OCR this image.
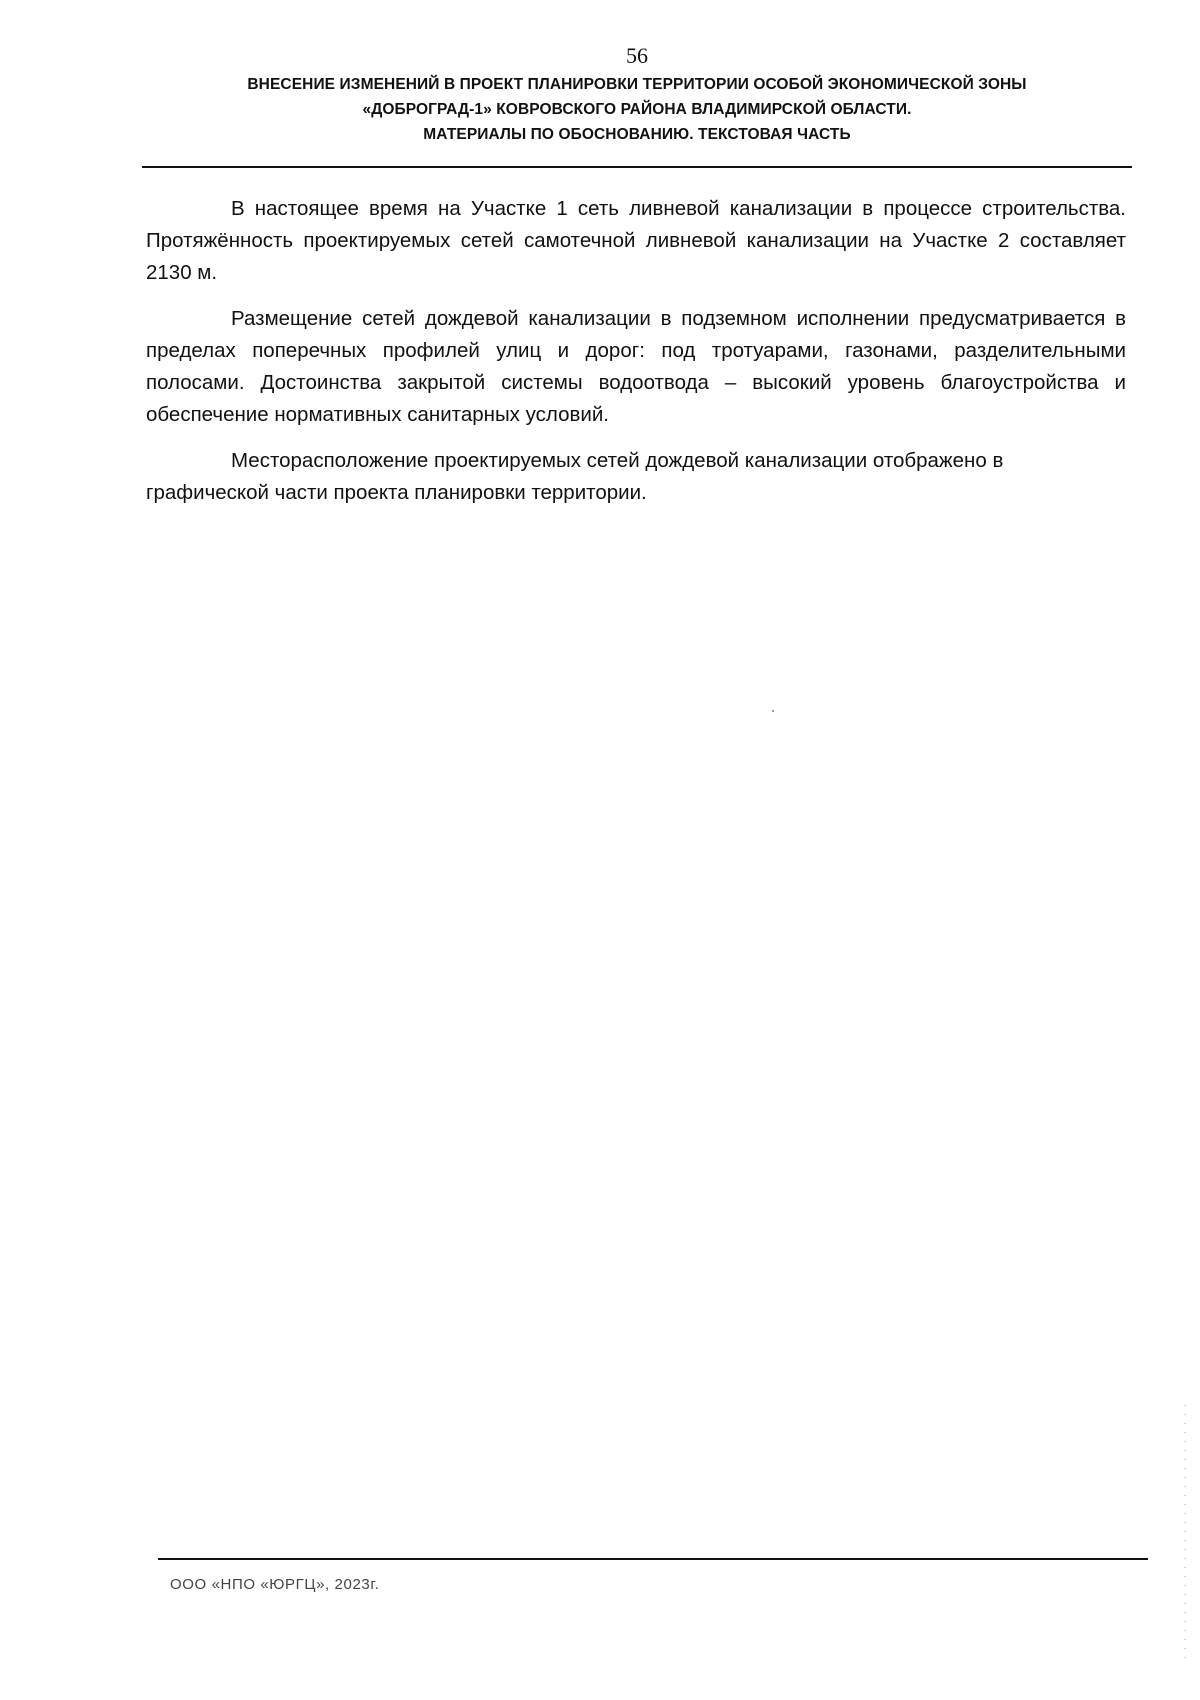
56
ВНЕСЕНИЕ ИЗМЕНЕНИЙ В ПРОЕКТ ПЛАНИРОВКИ ТЕРРИТОРИИ ОСОБОЙ ЭКОНОМИЧЕСКОЙ ЗОНЫ
«ДОБРОГРАД-1» КОВРОВСКОГО РАЙОНА ВЛАДИМИРСКОЙ ОБЛАСТИ.
МАТЕРИАЛЫ ПО ОБОСНОВАНИЮ. ТЕКСТОВАЯ ЧАСТЬ

В настоящее время на Участке 1 сеть ливневой канализации в процессе строительства. Протяжённость проектируемых сетей самотечной ливневой канализации на Участке 2 составляет 2130 м.

Размещение сетей дождевой канализации в подземном исполнении предусматривается в пределах поперечных профилей улиц и дорог: под тротуарами, газонами, разделительными полосами. Достоинства закрытой системы водоотвода – высокий уровень благоустройства и обеспечение нормативных санитарных условий.

Месторасположение проектируемых сетей дождевой канализации отображено в графической части проекта планировки территории.

ООО «НПО «ЮРГЦ», 2023г.
